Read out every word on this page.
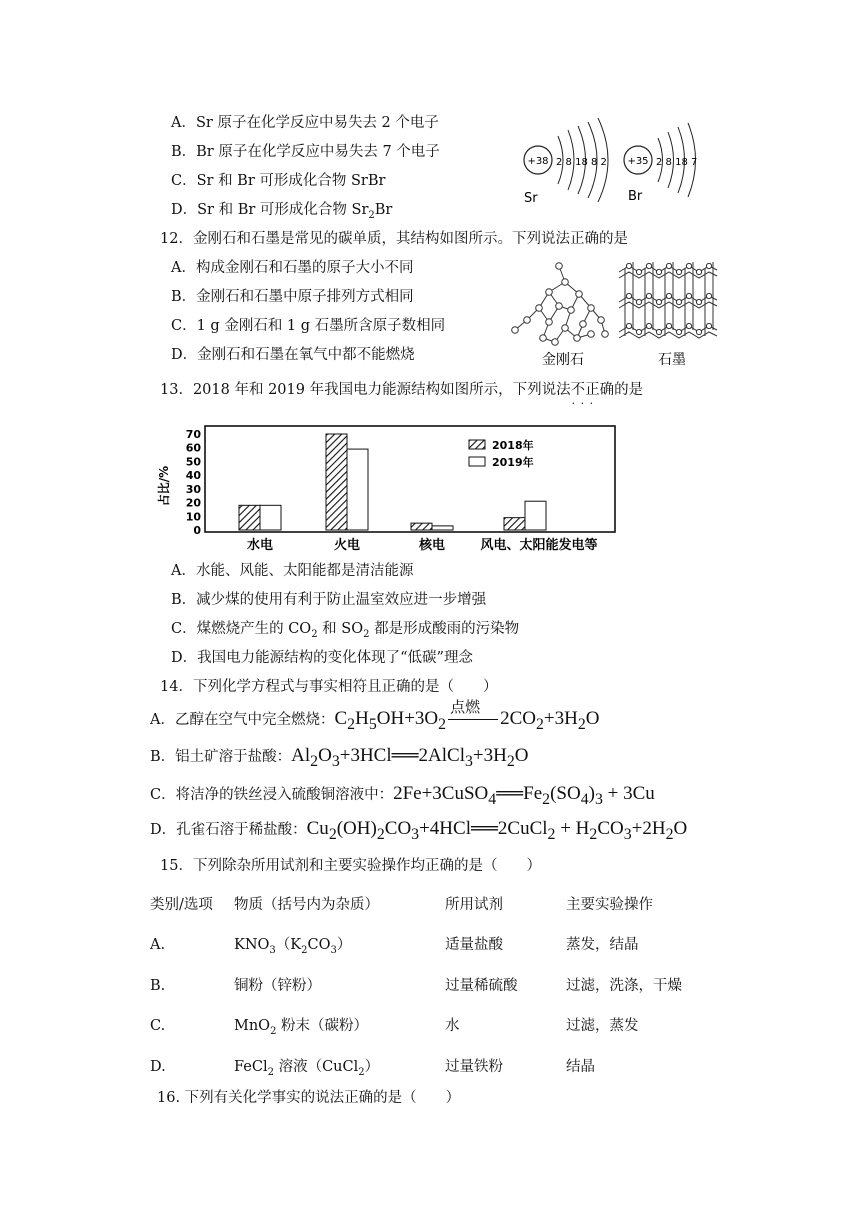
A．Sr 原子在化学反应中易失去 2 个电子
B．Br 原子在化学反应中易失去 7 个电子
C．Sr 和 Br 可形成化合物 SrBr
D．Sr 和 Br 可形成化合物 $Sr_2Br$
+38 2 8 18 8 2
Sr
+35 2 8 18 7
Br
12．金刚石和石墨是常见的碳单质，其结构如图所示。下列说法正确的是
A．构成金刚石和石墨的原子大小不同
B．金刚石和石墨中原子排列方式相同
C．1 g 金刚石和 1 g 石墨所含原子数相同
D．金刚石和石墨在氧气中都不能燃烧	金刚石	石墨
13．2018 年和 2019 年我国电力能源结构如图所示，下列说法不正确 · · ·的是
占比/%
0
10
20
30
40
50
60
70
水电	火电	核电	风电、太阳能发电等
2018年
2019年
A．水能、风能、太阳能都是清洁能源
B．减少煤的使用有利于防止温室效应进一步增强
C．煤燃烧产生的 $CO_2$ 和 $SO_2$ 都是形成酸雨的污染物
D．我国电力能源结构的变化体现了“低碳”理念
14．下列化学方程式与事实相符且正确的是（　　）
A．乙醇在空气中完全燃烧：$C_2H_5OH+3O_2$
点燃
$2CO_2+3H_2O$
B．铝土矿溶于盐酸：$Al_2O_3+3HCl══2AlCl_3+3H_2O$
C．将洁净的铁丝浸入硫酸铜溶液中：$2Fe+3CuSO_4══Fe_2(SO_4)_3 + 3Cu$
D．孔雀石溶于稀盐酸：$Cu_2(OH)_2CO_3+4HCl══2CuCl_2 + H_2CO_3+2H_2O$
15．下列除杂所用试剂和主要实验操作均正确的是（　　）
类别/选项 物质（括号内为杂质）	所用试剂	主要实验操作
A.	$KNO_3(K_2CO_3)$	适量盐酸	蒸发，结晶
B.	铜粉（锌粉）	过量稀硫酸	过滤，洗涤，干燥
C.	MnO$_2$ 粉末（碳粉）	水	过滤，蒸发
D.	FeCl$_2$ 溶液（CuCl$_2$）	过量铁粉	结晶
16. 下列有关化学事实的说法正确的是（　　）
